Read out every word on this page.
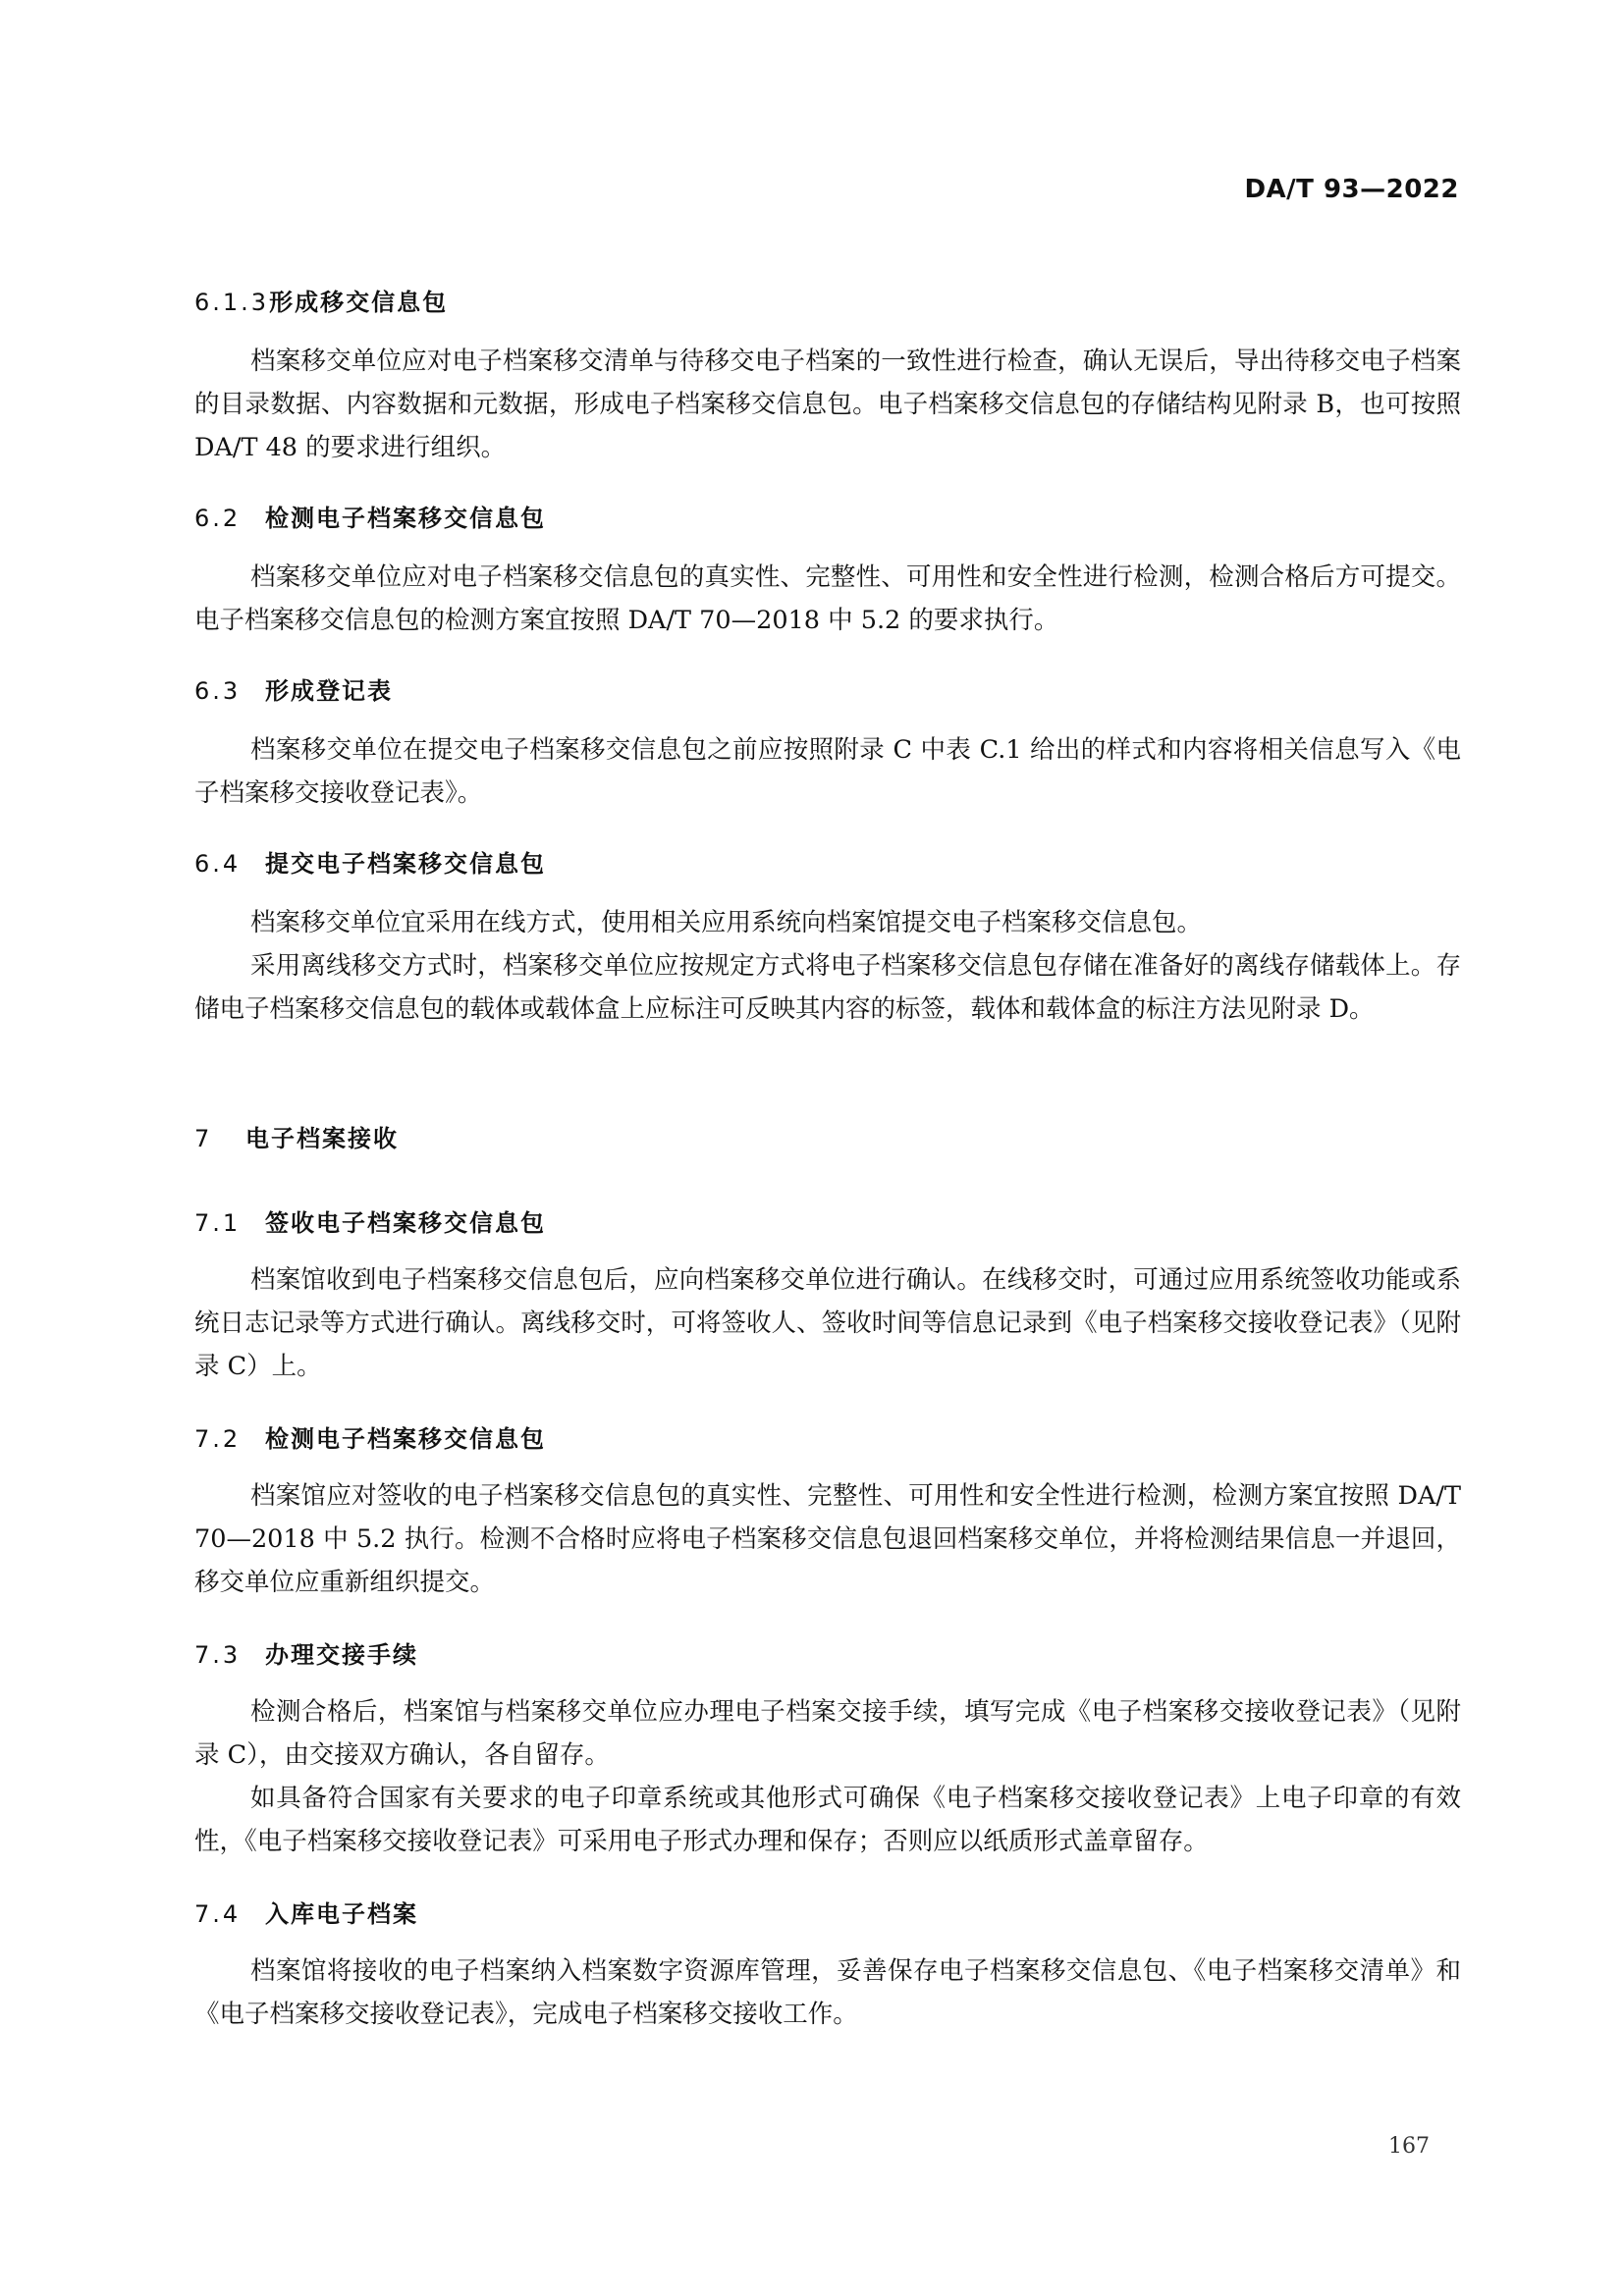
DA/T 93—2022
6.1.3形成移交信息包
档案移交单位应对电子档案移交清单与待移交电子档案的一致性进行检查，确认无误后，导出待移交电子档案的目录数据、内容数据和元数据，形成电子档案移交信息包。电子档案移交信息包的存储结构见附录 B，也可按照 DA/T 48 的要求进行组织。
6.2 检测电子档案移交信息包
档案移交单位应对电子档案移交信息包的真实性、完整性、可用性和安全性进行检测，检测合格后方可提交。电子档案移交信息包的检测方案宜按照 DA/T 70—2018 中 5.2 的要求执行。
6.3 形成登记表
档案移交单位在提交电子档案移交信息包之前应按照附录 C 中表 C.1 给出的样式和内容将相关信息写入《电子档案移交接收登记表》。
6.4 提交电子档案移交信息包
档案移交单位宜采用在线方式，使用相关应用系统向档案馆提交电子档案移交信息包。
采用离线移交方式时，档案移交单位应按规定方式将电子档案移交信息包存储在准备好的离线存储载体上。存储电子档案移交信息包的载体或载体盒上应标注可反映其内容的标签，载体和载体盒的标注方法见附录 D。
7 电子档案接收
7.1 签收电子档案移交信息包
档案馆收到电子档案移交信息包后，应向档案移交单位进行确认。在线移交时，可通过应用系统签收功能或系统日志记录等方式进行确认。离线移交时，可将签收人、签收时间等信息记录到《电子档案移交接收登记表》（见附录 C）上。
7.2 检测电子档案移交信息包
档案馆应对签收的电子档案移交信息包的真实性、完整性、可用性和安全性进行检测，检测方案宜按照 DA/T 70—2018 中 5.2 执行。检测不合格时应将电子档案移交信息包退回档案移交单位，并将检测结果信息一并退回，移交单位应重新组织提交。
7.3 办理交接手续
检测合格后，档案馆与档案移交单位应办理电子档案交接手续，填写完成《电子档案移交接收登记表》（见附录 C），由交接双方确认，各自留存。
如具备符合国家有关要求的电子印章系统或其他形式可确保《电子档案移交接收登记表》上电子印章的有效性，《电子档案移交接收登记表》可采用电子形式办理和保存；否则应以纸质形式盖章留存。
7.4 入库电子档案
档案馆将接收的电子档案纳入档案数字资源库管理，妥善保存电子档案移交信息包、《电子档案移交清单》和《电子档案移交接收登记表》，完成电子档案移交接收工作。
167
